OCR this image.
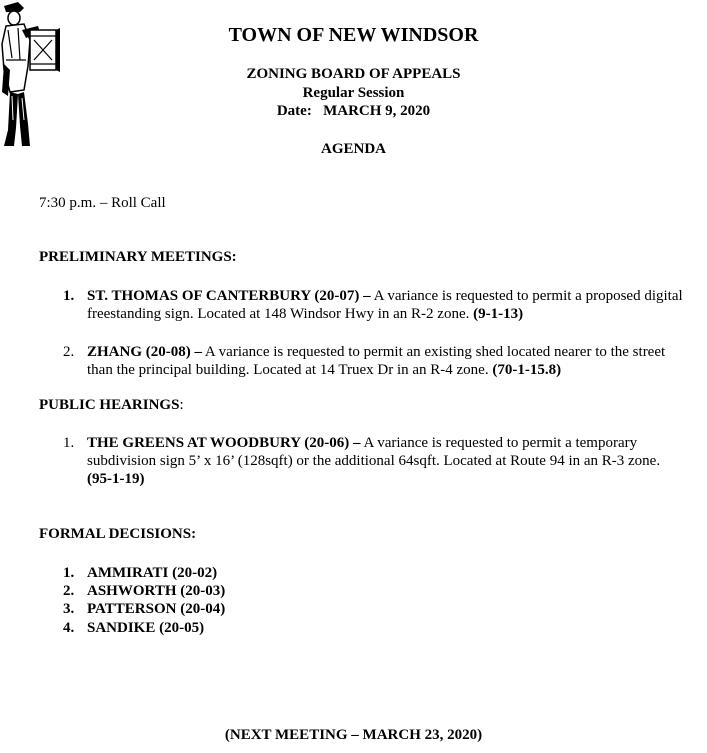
TOWN OF NEW WINDSOR
ZONING BOARD OF APPEALS
Regular Session
Date: MARCH 9, 2020
AGENDA
7:30 p.m. – Roll Call
PRELIMINARY MEETINGS:
1. ST. THOMAS OF CANTERBURY (20-07) – A variance is requested to permit a proposed digital freestanding sign. Located at 148 Windsor Hwy in an R-2 zone. (9-1-13)
2. ZHANG (20-08) – A variance is requested to permit an existing shed located nearer to the street than the principal building. Located at 14 Truex Dr in an R-4 zone. (70-1-15.8)
PUBLIC HEARINGS:
1. THE GREENS AT WOODBURY (20-06) – A variance is requested to permit a temporary subdivision sign 5’ x 16’ (128sqft) or the additional 64sqft. Located at Route 94 in an R-3 zone. (95-1-19)
FORMAL DECISIONS:
1. AMMIRATI (20-02)
2. ASHWORTH (20-03)
3. PATTERSON (20-04)
4. SANDIKE (20-05)
(NEXT MEETING – MARCH 23, 2020)
